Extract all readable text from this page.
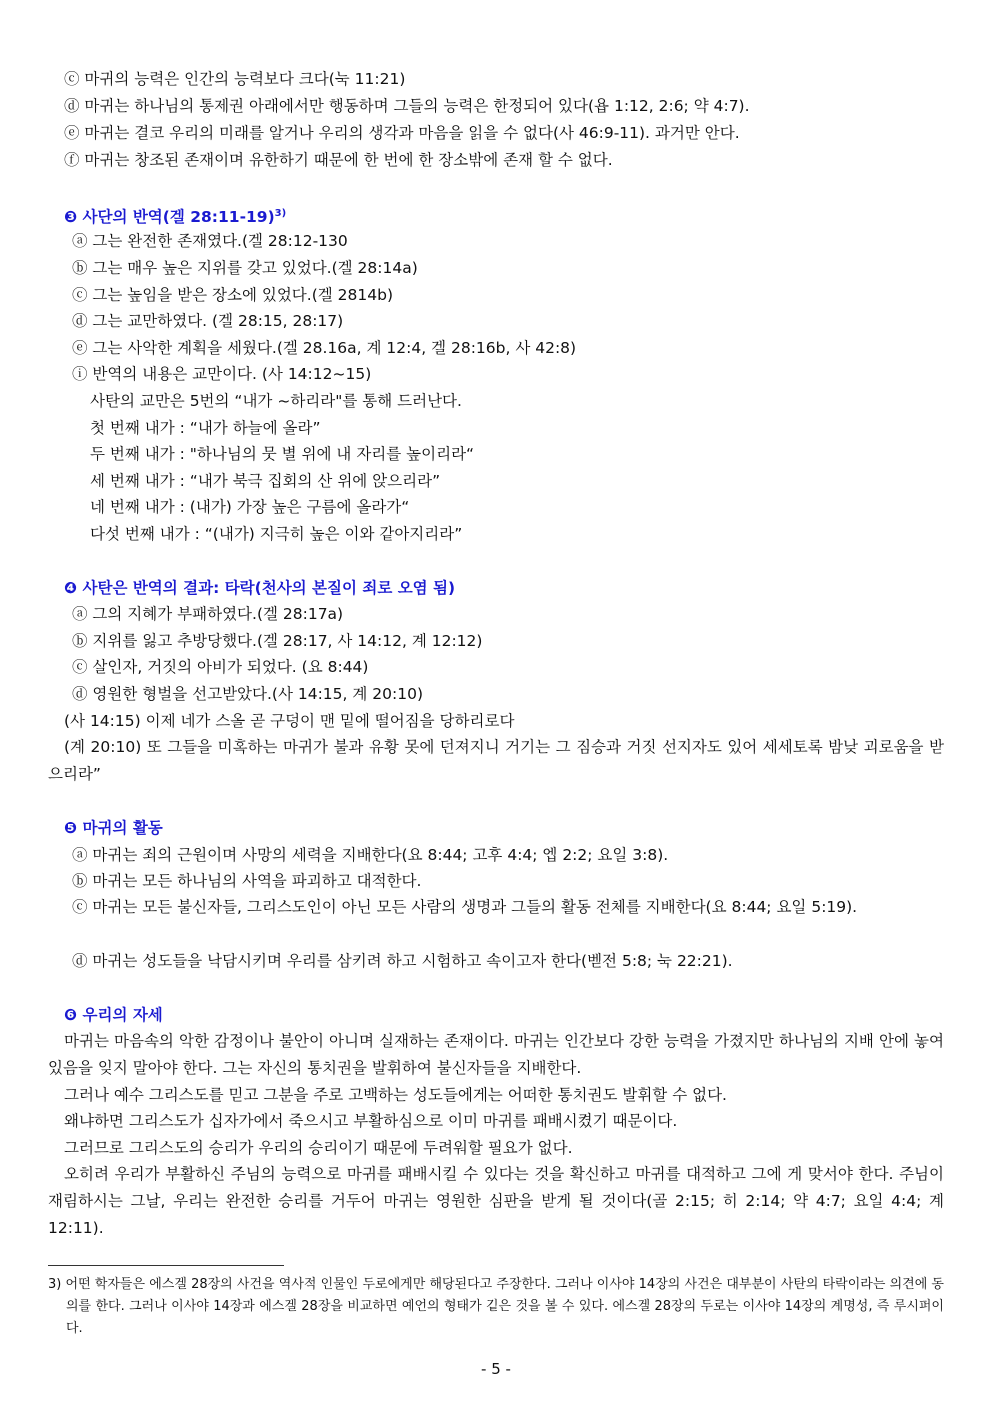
ⓒ 마귀의 능력은 인간의 능력보다 크다(눅 11:21)
ⓓ 마귀는 하나님의 통제권 아래에서만 행동하며 그들의 능력은 한정되어 있다(욥 1:12, 2:6; 약 4:7).
ⓔ 마귀는 결코 우리의 미래를 알거나 우리의 생각과 마음을 읽을 수 없다(사 46:9-11). 과거만 안다.
ⓕ 마귀는 창조된 존재이며 유한하기 때문에 한 번에 한 장소밖에 존재 할 수 없다.
❸ 사단의 반역(겔 28:11-19)$^{3)}$
ⓐ 그는 완전한 존재였다.(겔 28:12-130
ⓑ 그는 매우 높은 지위를 갖고 있었다.(겔 28:14a)
ⓒ 그는 높임을 받은 장소에 있었다.(겔 2814b)
ⓓ 그는 교만하였다. (겔 28:15, 28:17)
ⓔ 그는 사악한 계획을 세웠다.(겔 28.16a, 계 12:4, 겔 28:16b, 사 42:8)
ⓘ 반역의 내용은 교만이다. (사 14:12~15)
사탄의 교만은 5번의 “내가 ~하리라"를 통해 드러난다.
첫 번째 내가 : “내가 하늘에 올라”
두 번째 내가 : "하나님의 뭇 별 위에 내 자리를 높이리라“
세 번째 내가 : “내가 북극 집회의 산 위에 앉으리라”
네 번째 내가 : (내가) 가장 높은 구름에 올라가“
다섯 번째 내가 : “(내가) 지극히 높은 이와 같아지리라”
❹ 사탄은 반역의 결과: 타락(천사의 본질이 죄로 오염 됨)
ⓐ 그의 지혜가 부패하였다.(겔 28:17a)
ⓑ 지위를 잃고 추방당했다.(겔 28:17, 사 14:12, 계 12:12)
ⓒ 살인자, 거짓의 아비가 되었다. (요 8:44)
ⓓ 영원한 형벌을 선고받았다.(사 14:15, 계 20:10)
(사 14:15) 이제 네가 스올 곧 구덩이 맨 밑에 떨어짐을 당하리로다
(계 20:10) 또 그들을 미혹하는 마귀가 불과 유황 못에 던져지니 거기는 그 짐승과 거짓 선지자도 있어 세세토록 밤낮 괴로움을 받으리라”
❺ 마귀의 활동
ⓐ 마귀는 죄의 근원이며 사망의 세력을 지배한다(요 8:44; 고후 4:4; 엡 2:2; 요일 3:8).
ⓑ 마귀는 모든 하나님의 사역을 파괴하고 대적한다.
ⓒ 마귀는 모든 불신자들, 그리스도인이 아닌 모든 사람의 생명과 그들의 활동 전체를 지배한다(요 8:44; 요일 5:19).
ⓓ 마귀는 성도들을 낙담시키며 우리를 삼키려 하고 시험하고 속이고자 한다(벧전 5:8; 눅 22:21).
❻ 우리의 자세
마귀는 마음속의 악한 감정이나 불안이 아니며 실재하는 존재이다. 마귀는 인간보다 강한 능력을 가졌지만 하나님의 지배 안에 놓여 있음을 잊지 말아야 한다. 그는 자신의 통치권을 발휘하여 불신자들을 지배한다.
그러나 예수 그리스도를 믿고 그분을 주로 고백하는 성도들에게는 어떠한 통치권도 발휘할 수 없다.
왜냐하면 그리스도가 십자가에서 죽으시고 부활하심으로 이미 마귀를 패배시켰기 때문이다.
그러므로 그리스도의 승리가 우리의 승리이기 때문에 두려워할 필요가 없다.
오히려 우리가 부활하신 주님의 능력으로 마귀를 패배시킬 수 있다는 것을 확신하고 마귀를 대적하고 그에 게 맞서야 한다. 주님이 재림하시는 그날, 우리는 완전한 승리를 거두어 마귀는 영원한 심판을 받게 될 것이다(골 2:15; 히 2:14; 약 4:7; 요일 4:4; 계12:11).
3) 어떤 학자들은 에스겔 28장의 사건을 역사적 인물인 두로에게만 해당된다고 주장한다. 그러나 이사야 14장의 사건은 대부분이 사탄의 타락이라는 의견에 동의를 한다. 그러나 이사야 14장과 에스겔 28장을 비교하면 예언의 형태가 깉은 것을 볼 수 있다. 에스겔 28장의 두로는 이사야 14장의 계명성, 즉 루시퍼이다.
- 5 -
